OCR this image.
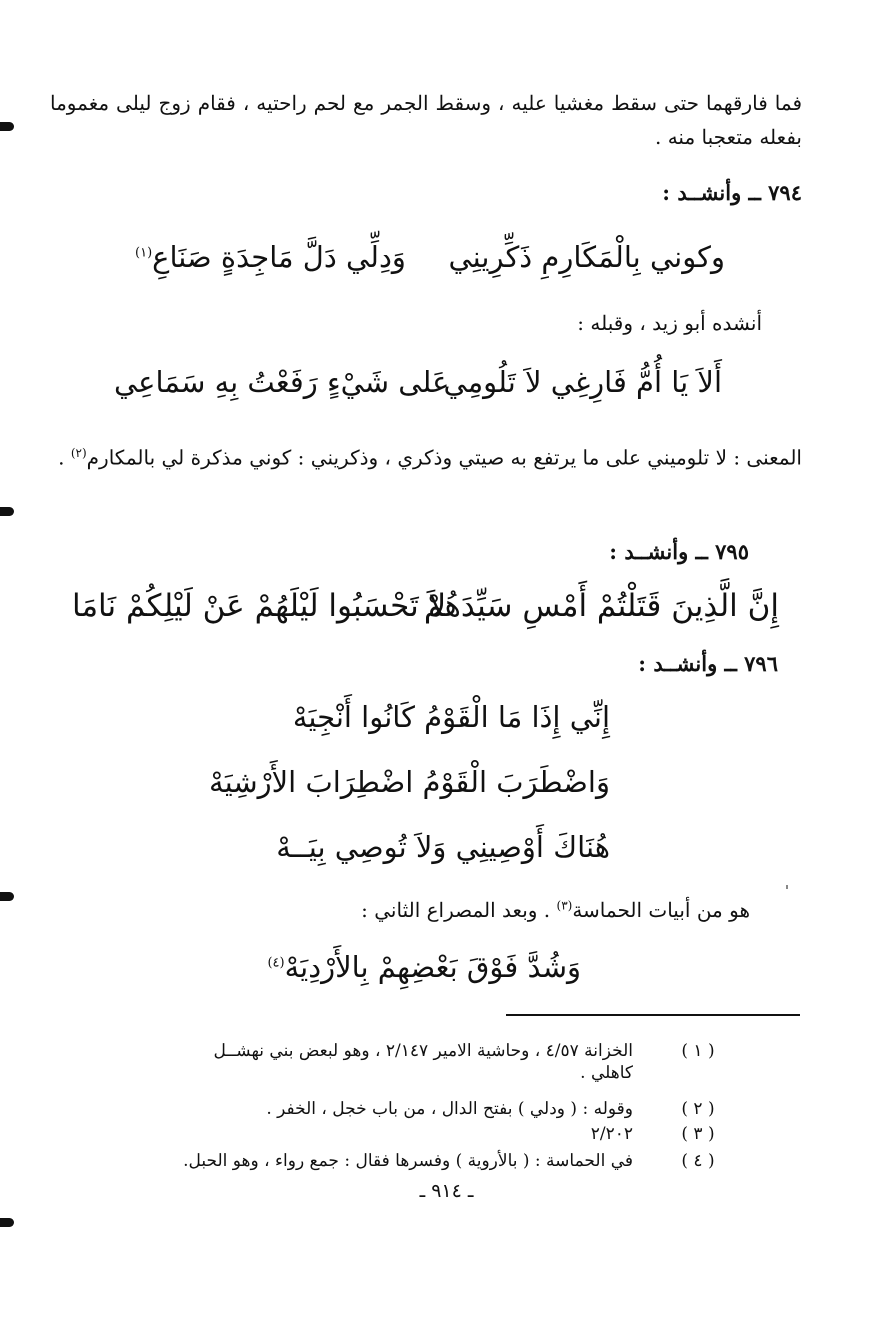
فما فارقهما حتى سقط مغشيا عليه ، وسقط الجمر مع لحم راحتيه ، فقام زوج ليلى مغموما بفعله متعجبا منه .
٧٩٤ ــ وأنشــد :
وكوني بِالْمَكَارِمِ ذَكِّرِينِي
وَدِلِّي دَلَّ مَاجِدَةٍ صَنَاعِ$^{(١)}$
أنشده أبو زيد ، وقبله :
أَلاَ يَا أُمُّ فَارِغِي لاَ تَلُومِي
عَلى شَيْءٍ رَفَعْتُ بِهِ سَمَاعِي
المعنى : لا تلوميني على ما يرتفع به صيتي وذكري ، وذكريني : كوني مذكرة لي بالمكارم$^{(٢)}$ .
٧٩٥ ــ وأنشــد :
إِنَّ الَّذِينَ قَتَلْتُمْ أَمْسِ سَيِّدَهُمْ
لاَ تَحْسَبُوا لَيْلَهُمْ عَنْ لَيْلِكُمْ نَامَا
٧٩٦ ــ وأنشــد :
إِنِّي إِذَا مَا الْقَوْمُ كَانُوا أَنْجِيَهْ
وَاضْطَرَبَ الْقَوْمُ اضْطِرَابَ الأَرْشِيَهْ
هُنَاكَ أَوْصِينِي وَلاَ تُوصِي بِيَــهْ
هو من أبيات الحماسة$^{(٣)}$ . وبعد المصراع الثاني :
وَشُدَّ فَوْقَ بَعْضِهِمْ بِالأَرْدِيَهْ$^{(٤)}$
( ١ )
الخزانة ٤/٥٧ ، وحاشية الامير ٢/١٤٧ ، وهو لبعض بني نهشــل
كاهلي .
( ٢ )
وقوله : ( ودلي ) بفتح الدال ، من باب خجل ، الخفر .
( ٣ )
٢/٢٠٢
( ٤ )
في الحماسة : ( بالأروية ) وفسرها فقال : جمع رواء ، وهو الحبل.
ـ ٩١٤ ـ
